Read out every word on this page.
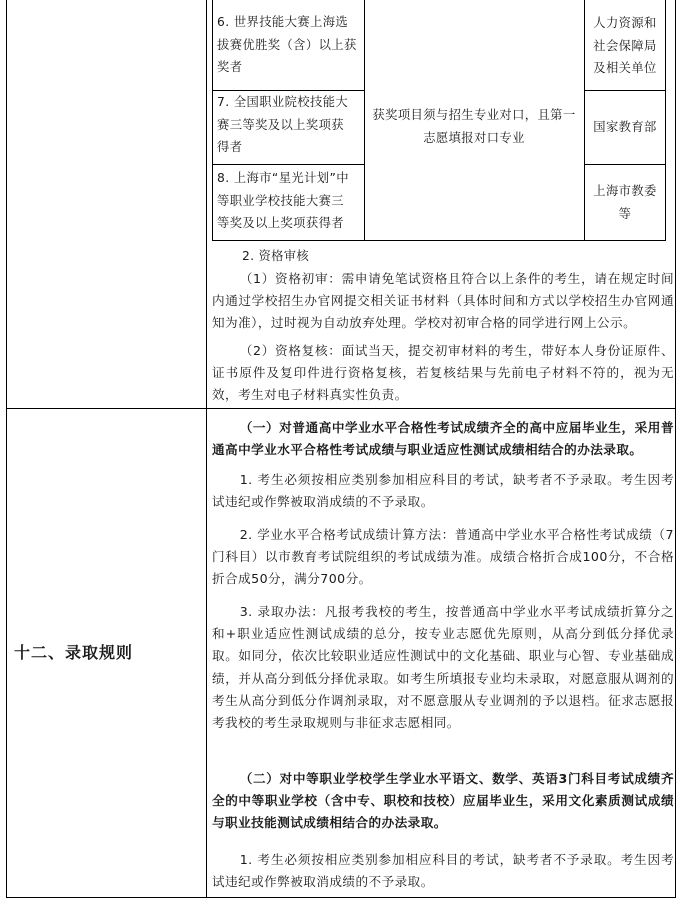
6. 世界技能大赛上海选
拔赛优胜奖（含）以上获
奖者
人力资源和
社会保障局
及相关单位
7. 全国职业院校技能大
赛三等奖及以上奖项获
得者
国家教育部
8. 上海市“星光计划”中
等职业学校技能大赛三
等奖及以上奖项获得者
上海市教委
等
获奖项目须与招生专业对口，且第一
志愿填报对口专业
2. 资格审核
（1）资格初审：需申请免笔试资格且符合以上条件的考生，请在规定时间内通过学校招生办官网提交相关证书材料（具体时间和方式以学校招生办官网通知为准），过时视为自动放弃处理。学校对初审合格的同学进行网上公示。
（2）资格复核：面试当天，提交初审材料的考生，带好本人身份证原件、证书原件及复印件进行资格复核，若复核结果与先前电子材料不符的，视为无效，考生对电子材料真实性负责。
十二、录取规则
（一）对普通高中学业水平合格性考试成绩齐全的高中应届毕业生，采用普通高中学业水平合格性考试成绩与职业适应性测试成绩相结合的办法录取。
1. 考生必须按相应类别参加相应科目的考试，缺考者不予录取。考生因考试违纪或作弊被取消成绩的不予录取。
2. 学业水平合格考试成绩计算方法：普通高中学业水平合格性考试成绩（7门科目）以市教育考试院组织的考试成绩为准。成绩合格折合成100分，不合格折合成50分，满分700分。
3. 录取办法：凡报考我校的考生，按普通高中学业水平考试成绩折算分之和+职业适应性测试成绩的总分，按专业志愿优先原则，从高分到低分择优录取。如同分，依次比较职业适应性测试中的文化基础、职业与心智、专业基础成绩，并从高分到低分择优录取。如考生所填报专业均未录取，对愿意服从调剂的考生从高分到低分作调剂录取，对不愿意服从专业调剂的予以退档。征求志愿报考我校的考生录取规则与非征求志愿相同。
（二）对中等职业学校学生学业水平语文、数学、英语3门科目考试成绩齐全的中等职业学校（含中专、职校和技校）应届毕业生，采用文化素质测试成绩与职业技能测试成绩相结合的办法录取。
1. 考生必须按相应类别参加相应科目的考试，缺考者不予录取。考生因考试违纪或作弊被取消成绩的不予录取。
